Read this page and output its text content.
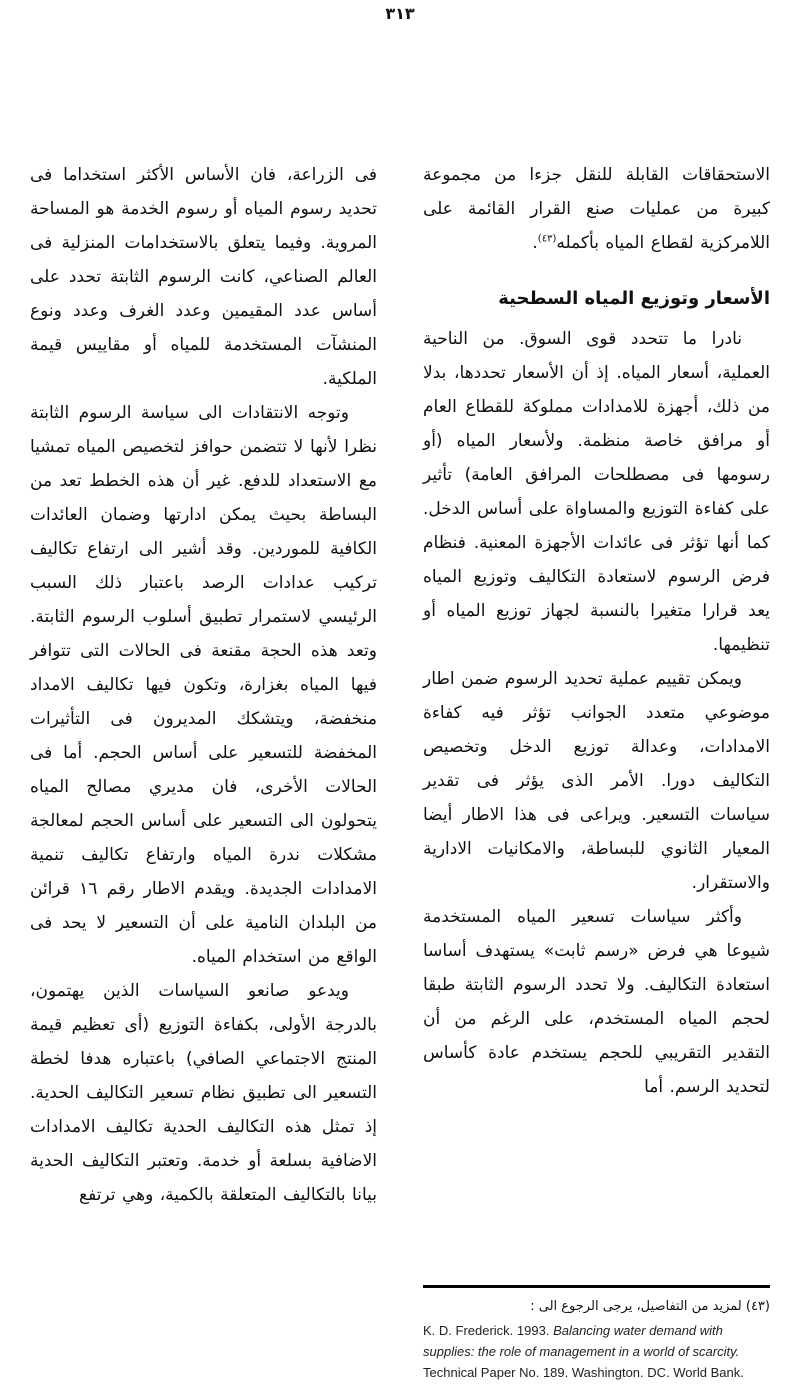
٣١٣

الاستحقاقات القابلة للنقل جزءا من مجموعة كبيرة من عمليات صنع القرار القائمة على اللامركزية لقطاع المياه بأكمله$^{(٤٣)}$.

الأسعار وتوزيع المياه السطحية

نادرا ما تتحدد قوى السوق. من الناحية العملية، أسعار المياه. إذ أن الأسعار تحددها، بدلا من ذلك، أجهزة للامدادات مملوكة للقطاع العام أو مرافق خاصة منظمة. ولأسعار المياه (أو رسومها فى مصطلحات المرافق العامة) تأثير على كفاءة التوزيع والمساواة على أساس الدخل. كما أنها تؤثر فى عائدات الأجهزة المعنية. فنظام فرض الرسوم لاستعادة التكاليف وتوزيع المياه يعد قرارا متغيرا بالنسبة لجهاز توزيع المياه أو تنظيمها.

ويمكن تقييم عملية تحديد الرسوم ضمن اطار موضوعي متعدد الجوانب تؤثر فيه كفاءة الامدادات، وعدالة توزيع الدخل وتخصيص التكاليف دورا. الأمر الذى يؤثر فى تقدير سياسات التسعير. ويراعى فى هذا الاطار أيضا المعيار الثانوي للبساطة، والامكانيات الادارية والاستقرار.

وأكثر سياسات تسعير المياه المستخدمة شيوعا هي فرض «رسم ثابت» يستهدف أساسا استعادة التكاليف. ولا تحدد الرسوم الثابتة طبقا لحجم المياه المستخدم، على الرغم من أن التقدير التقريبي للحجم يستخدم عادة كأساس لتحديد الرسم. أما

(٤٣) لمزيد من التفاصيل، يرجى الرجوع الى :

K. D. Frederick. 1993. Balancing water demand with supplies: the role of management in a world of scarcity. Technical Paper No. 189. Washington. DC. World Bank.

فى الزراعة، فان الأساس الأكثر استخداما فى تحديد رسوم المياه أو رسوم الخدمة هو المساحة المروية. وفيما يتعلق بالاستخدامات المنزلية فى العالم الصناعي، كانت الرسوم الثابتة تحدد على أساس عدد المقيمين وعدد الغرف وعدد ونوع المنشآت المستخدمة للمياه أو مقاييس قيمة الملكية.

وتوجه الانتقادات الى سياسة الرسوم الثابتة نظرا لأنها لا تتضمن حوافز لتخصيص المياه تمشيا مع الاستعداد للدفع. غير أن هذه الخطط تعد من البساطة بحيث يمكن ادارتها وضمان العائدات الكافية للموردين. وقد أشير الى ارتفاع تكاليف تركيب عدادات الرصد باعتبار ذلك السبب الرئيسي لاستمرار تطبيق أسلوب الرسوم الثابتة. وتعد هذه الحجة مقنعة فى الحالات التى تتوافر فيها المياه بغزارة، وتكون فيها تكاليف الامداد منخفضة، ويتشكك المديرون فى التأثيرات المخفضة للتسعير على أساس الحجم. أما فى الحالات الأخرى، فان مديري مصالح المياه يتحولون الى التسعير على أساس الحجم لمعالجة مشكلات ندرة المياه وارتفاع تكاليف تنمية الامدادات الجديدة. ويقدم الاطار رقم ١٦ قرائن من البلدان النامية على أن التسعير لا يحد فى الواقع من استخدام المياه.

ويدعو صانعو السياسات الذين يهتمون، بالدرجة الأولى، بكفاءة التوزيع (أى تعظيم قيمة المنتج الاجتماعي الصافي) باعتباره هدفا لخطة التسعير الى تطبيق نظام تسعير التكاليف الحدية. إذ تمثل هذه التكاليف الحدية تكاليف الامدادات الاضافية بسلعة أو خدمة. وتعتبر التكاليف الحدية بيانا بالتكاليف المتعلقة بالكمية، وهي ترتفع
